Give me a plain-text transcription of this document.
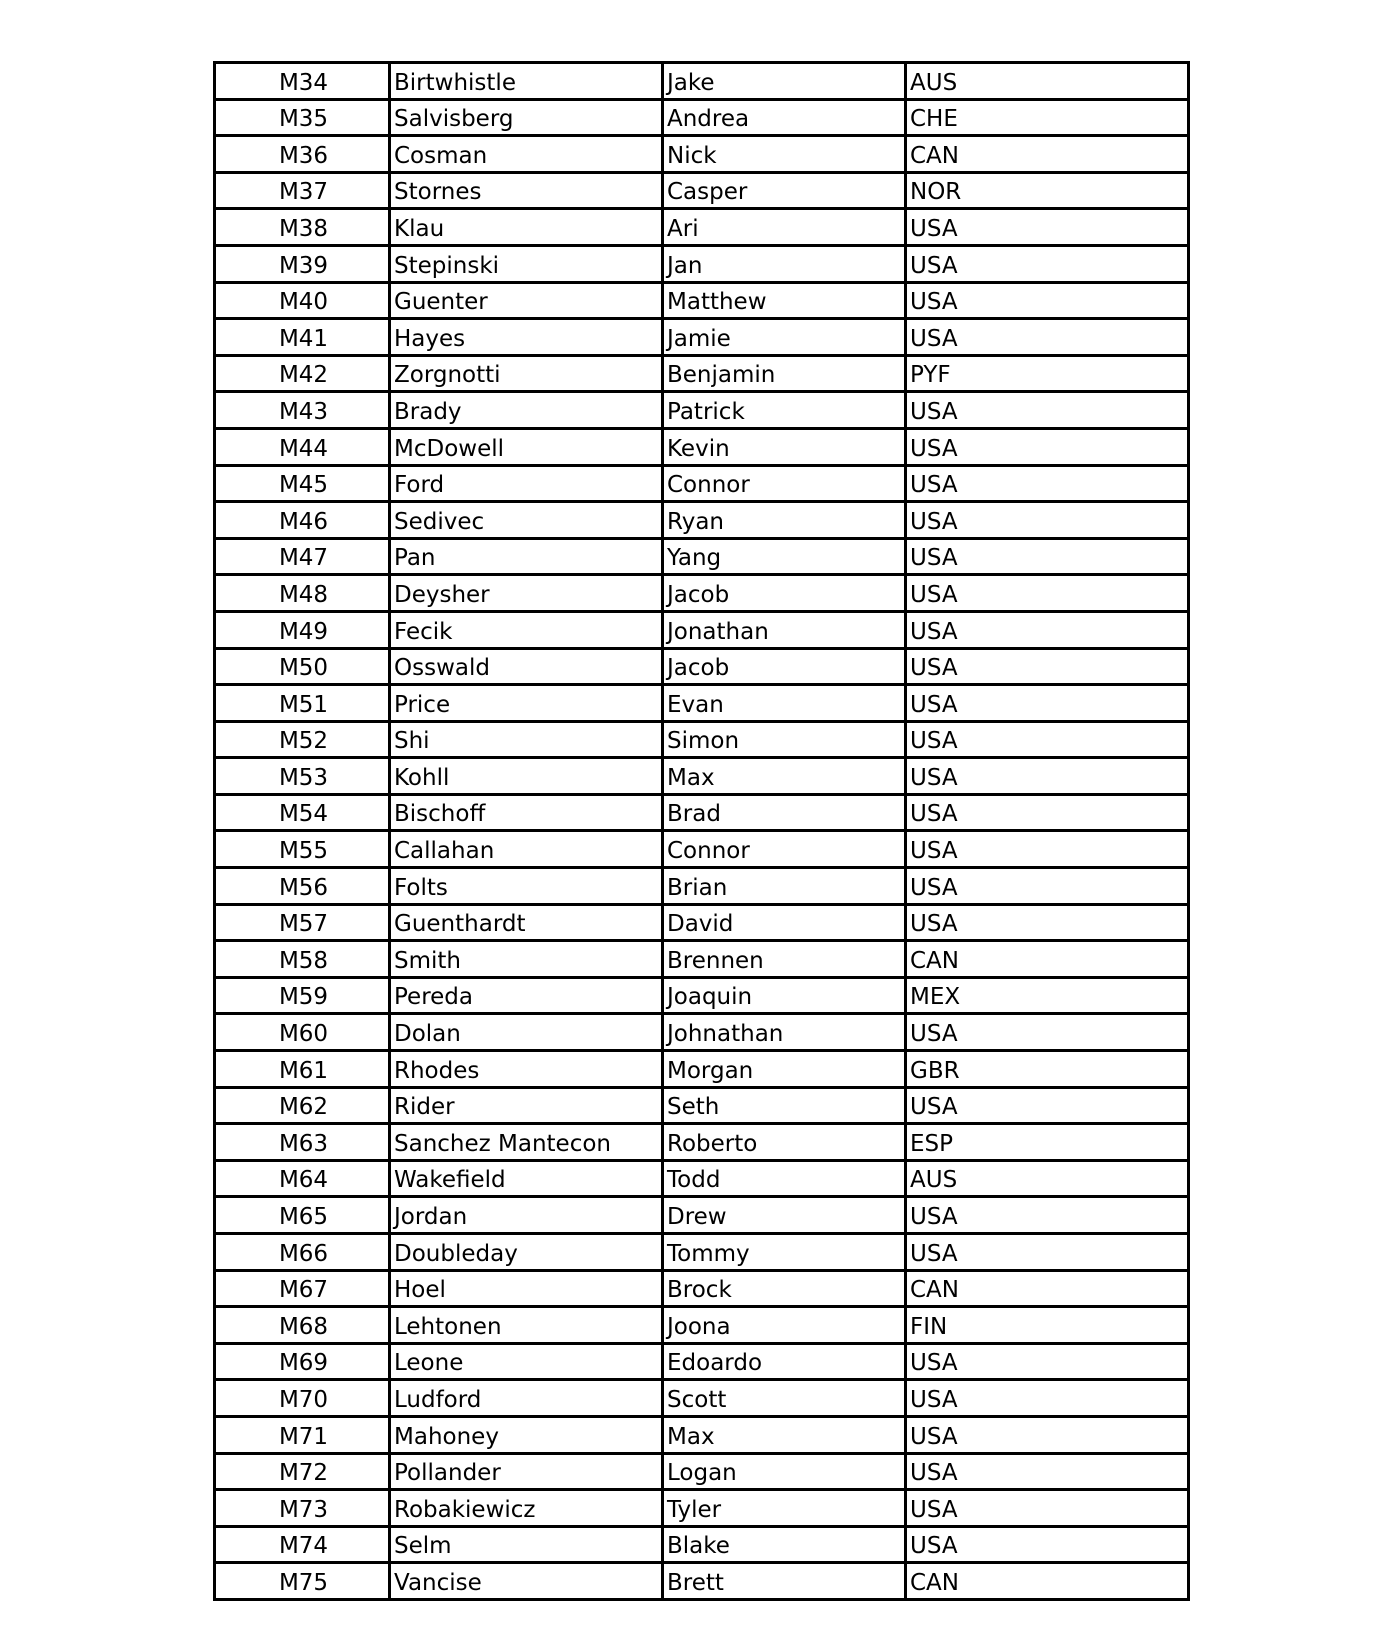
M34	Birtwhistle	Jake	AUS
M35	Salvisberg	Andrea	CHE
M36	Cosman	Nick	CAN
M37	Stornes	Casper	NOR
M38	Klau	Ari	USA
M39	Stepinski	Jan	USA
M40	Guenter	Matthew	USA
M41	Hayes	Jamie	USA
M42	Zorgnotti	Benjamin	PYF
M43	Brady	Patrick	USA
M44	McDowell	Kevin	USA
M45	Ford	Connor	USA
M46	Sedivec	Ryan	USA
M47	Pan	Yang	USA
M48	Deysher	Jacob	USA
M49	Fecik	Jonathan	USA
M50	Osswald	Jacob	USA
M51	Price	Evan	USA
M52	Shi	Simon	USA
M53	Kohll	Max	USA
M54	Bischoff	Brad	USA
M55	Callahan	Connor	USA
M56	Folts	Brian	USA
M57	Guenthardt	David	USA
M58	Smith	Brennen	CAN
M59	Pereda	Joaquin	MEX
M60	Dolan	Johnathan	USA
M61	Rhodes	Morgan	GBR
M62	Rider	Seth	USA
M63	Sanchez Mantecon	Roberto	ESP
M64	Wakefield	Todd	AUS
M65	Jordan	Drew	USA
M66	Doubleday	Tommy	USA
M67	Hoel	Brock	CAN
M68	Lehtonen	Joona	FIN
M69	Leone	Edoardo	USA
M70	Ludford	Scott	USA
M71	Mahoney	Max	USA
M72	Pollander	Logan	USA
M73	Robakiewicz	Tyler	USA
M74	Selm	Blake	USA
M75	Vancise	Brett	CAN
